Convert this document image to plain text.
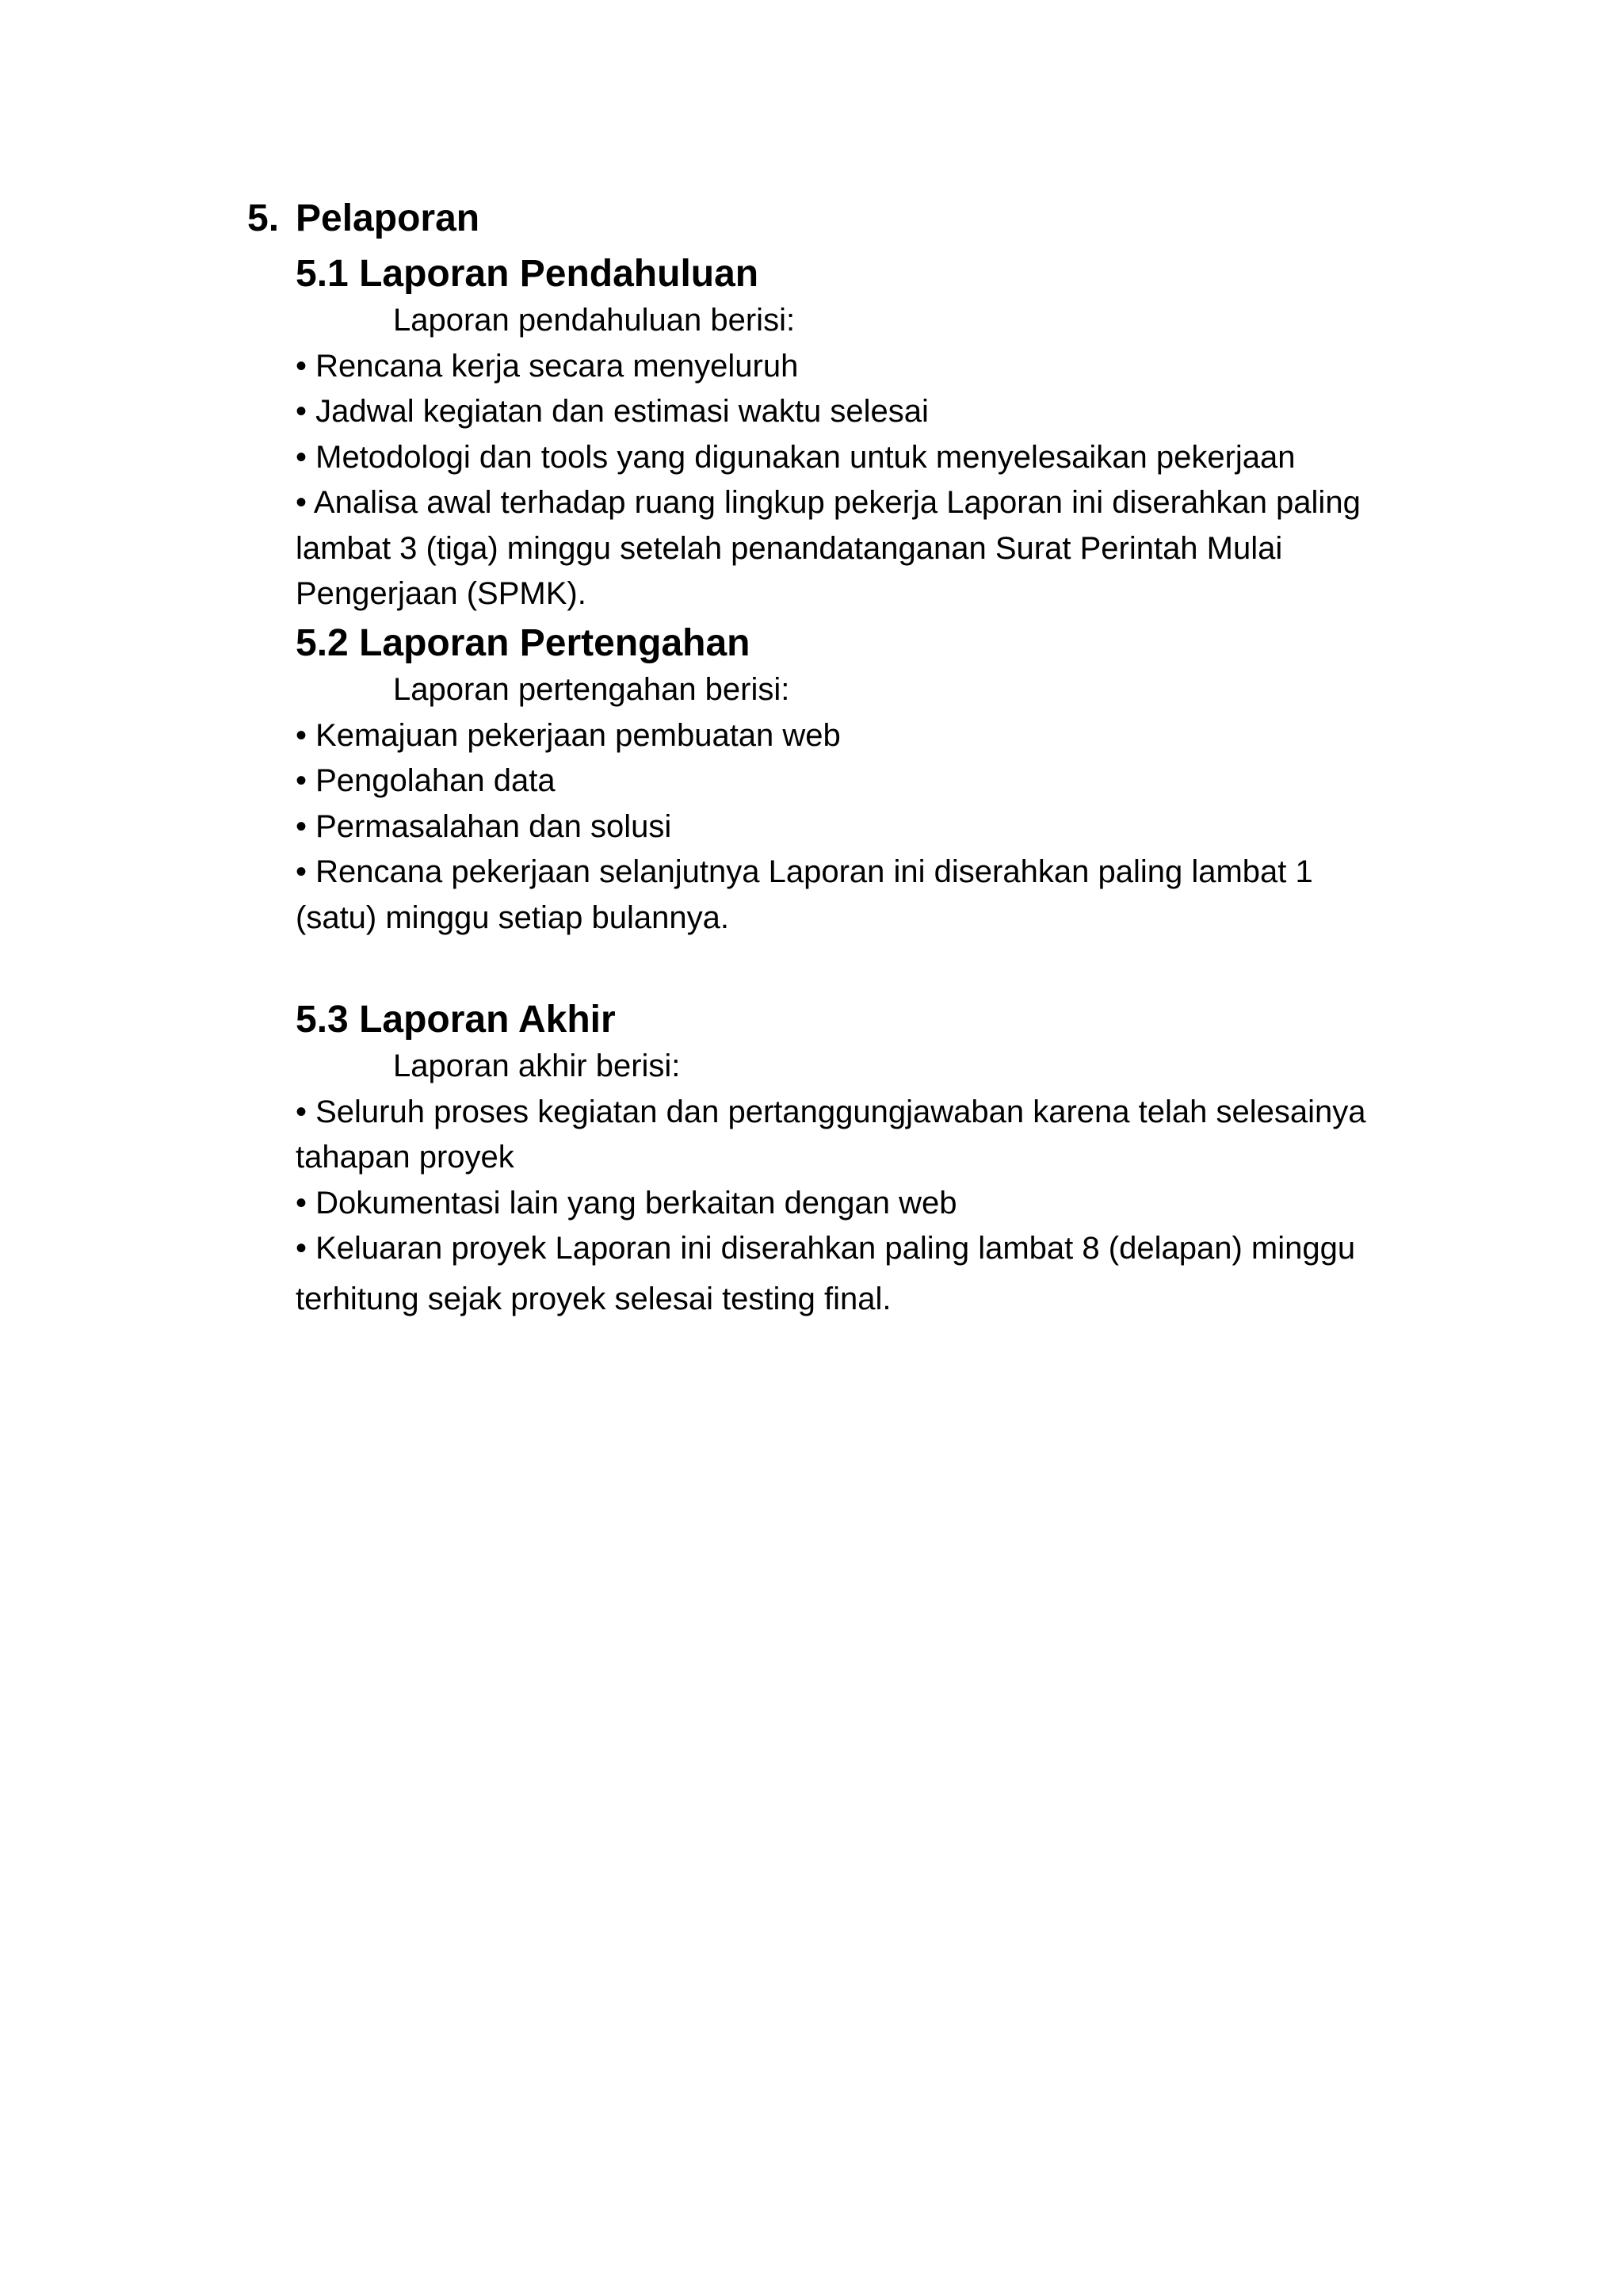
5. Pelaporan

5.1 Laporan Pendahuluan

Laporan pendahuluan berisi:

• Rencana kerja secara menyeluruh

• Jadwal kegiatan dan estimasi waktu selesai

• Metodologi dan tools yang digunakan untuk menyelesaikan pekerjaan

• Analisa awal terhadap ruang lingkup pekerja Laporan ini diserahkan paling

lambat 3 (tiga) minggu setelah penandatanganan Surat Perintah Mulai

Pengerjaan (SPMK).

5.2 Laporan Pertengahan

Laporan pertengahan berisi:

• Kemajuan pekerjaan pembuatan web

• Pengolahan data

• Permasalahan dan solusi

• Rencana pekerjaan selanjutnya Laporan ini diserahkan paling lambat 1

(satu) minggu setiap bulannya.

5.3 Laporan Akhir

Laporan akhir berisi:

• Seluruh proses kegiatan dan pertanggungjawaban karena telah selesainya

tahapan proyek

• Dokumentasi lain yang berkaitan dengan web

• Keluaran proyek Laporan ini diserahkan paling lambat 8 (delapan) minggu

terhitung sejak proyek selesai testing final.
